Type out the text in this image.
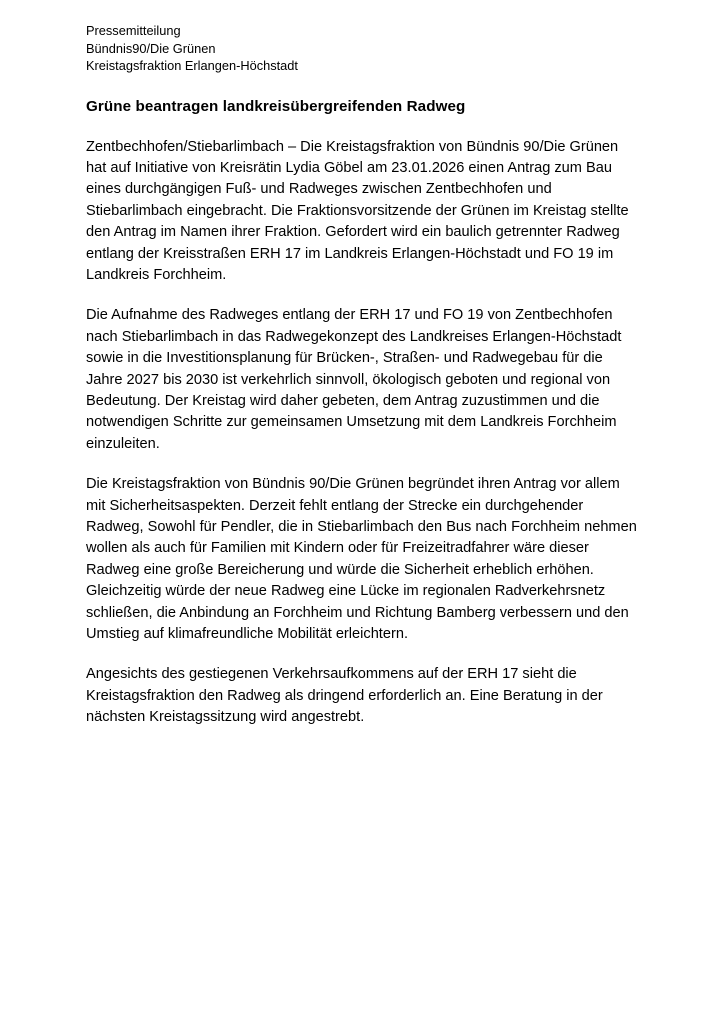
Pressemitteilung
Bündnis90/Die Grünen
Kreistagsfraktion Erlangen-Höchstadt
Grüne beantragen landkreisübergreifenden Radweg

Zentbechhofen/Stiebarlimbach – Die Kreistagsfraktion von Bündnis 90/Die Grünen hat auf Initiative von Kreisrätin Lydia Göbel am 23.01.2026 einen Antrag zum Bau eines durchgängigen Fuß- und Radweges zwischen Zentbechhofen und Stiebarlimbach eingebracht. Die Fraktionsvorsitzende der Grünen im Kreistag stellte den Antrag im Namen ihrer Fraktion. Gefordert wird ein baulich getrennter Radweg entlang der Kreisstraßen ERH 17 im Landkreis Erlangen-Höchstadt und FO 19 im Landkreis Forchheim.

Die Aufnahme des Radweges entlang der ERH 17 und FO 19 von Zentbechhofen nach Stiebarlimbach in das Radwegekonzept des Landkreises Erlangen-Höchstadt sowie in die Investitionsplanung für Brücken-, Straßen- und Radwegebau für die Jahre 2027 bis 2030 ist verkehrlich sinnvoll, ökologisch geboten und regional von Bedeutung. Der Kreistag wird daher gebeten, dem Antrag zuzustimmen und die notwendigen Schritte zur gemeinsamen Umsetzung mit dem Landkreis Forchheim einzuleiten.

Die Kreistagsfraktion von Bündnis 90/Die Grünen begründet ihren Antrag vor allem mit Sicherheitsaspekten. Derzeit fehlt entlang der Strecke ein durchgehender Radweg, Sowohl für Pendler, die in Stiebarlimbach den Bus nach Forchheim nehmen wollen als auch für Familien mit Kindern oder für Freizeitradfahrer wäre dieser Radweg eine große Bereicherung und würde die Sicherheit erheblich erhöhen. Gleichzeitig würde der neue Radweg eine Lücke im regionalen Radverkehrsnetz schließen, die Anbindung an Forchheim und Richtung Bamberg verbessern und den Umstieg auf klimafreundliche Mobilität erleichtern.

Angesichts des gestiegenen Verkehrsaufkommens auf der ERH 17 sieht die Kreistagsfraktion den Radweg als dringend erforderlich an. Eine Beratung in der nächsten Kreistagssitzung wird angestrebt.
